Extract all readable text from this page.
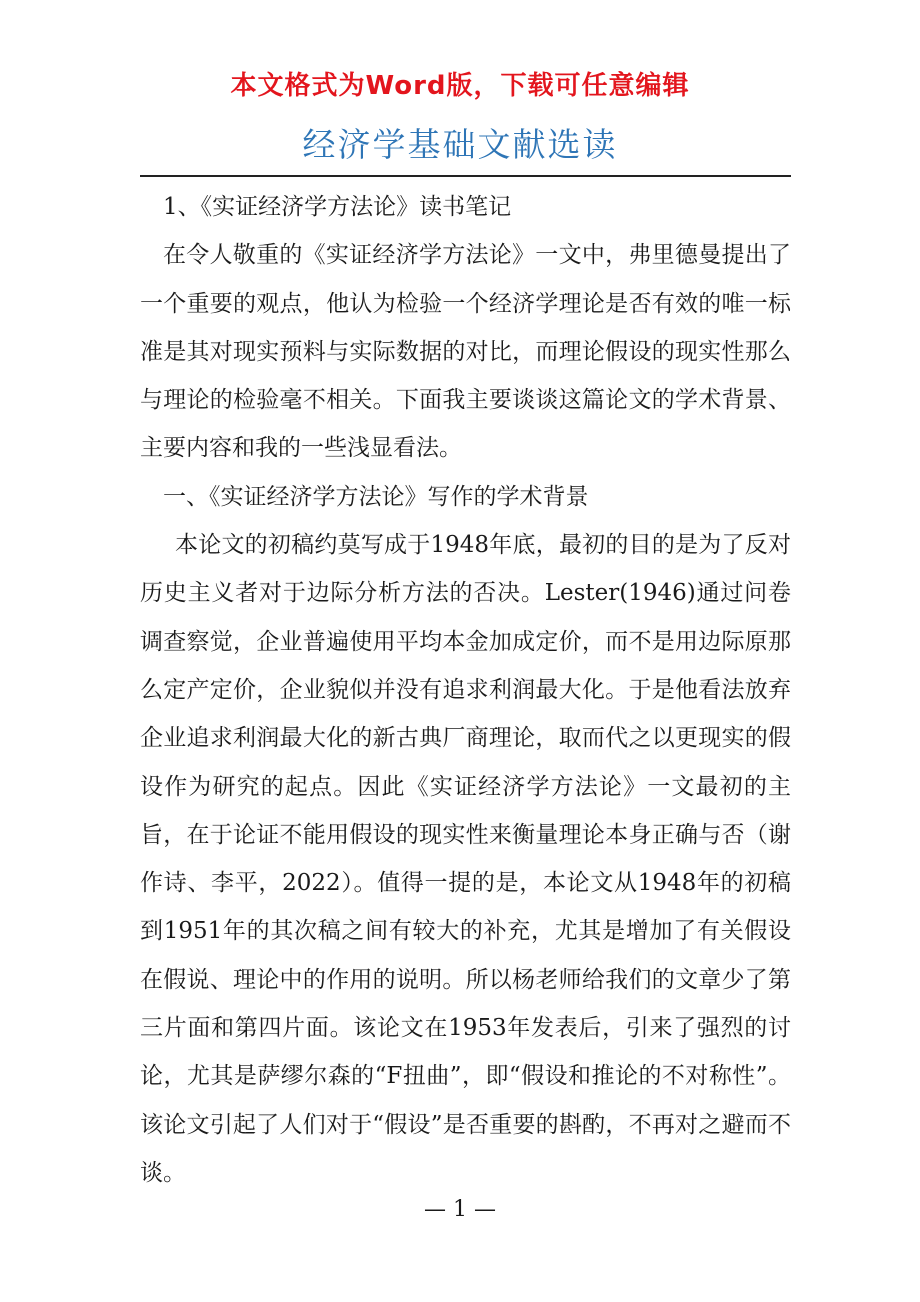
本文格式为Word版，下载可任意编辑
经济学基础文献选读

1、《实证经济学方法论》读书笔记

在令人敬重的《实证经济学方法论》一文中，弗里德曼提出了一个重要的观点，他认为检验一个经济学理论是否有效的唯一标准是其对现实预料与实际数据的对比，而理论假设的现实性那么与理论的检验毫不相关。下面我主要谈谈这篇论文的学术背景、主要内容和我的一些浅显看法。

一、《实证经济学方法论》写作的学术背景

本论文的初稿约莫写成于1948年底，最初的目的是为了反对历史主义者对于边际分析方法的否决。Lester(1946)通过问卷调查察觉，企业普遍使用平均本金加成定价，而不是用边际原那么定产定价，企业貌似并没有追求利润最大化。于是他看法放弃企业追求利润最大化的新古典厂商理论，取而代之以更现实的假设作为研究的起点。因此《实证经济学方法论》一文最初的主旨，在于论证不能用假设的现实性来衡量理论本身正确与否（谢作诗、李平，2022）。值得一提的是，本论文从1948年的初稿到1951年的其次稿之间有较大的补充，尤其是增加了有关假设在假说、理论中的作用的说明。所以杨老师给我们的文章少了第三片面和第四片面。该论文在1953年发表后，引来了强烈的讨论，尤其是萨缪尔森的“F扭曲”，即“假设和推论的不对称性”。该论文引起了人们对于“假设”是否重要的斟酌，不再对之避而不谈。

— 1 —
